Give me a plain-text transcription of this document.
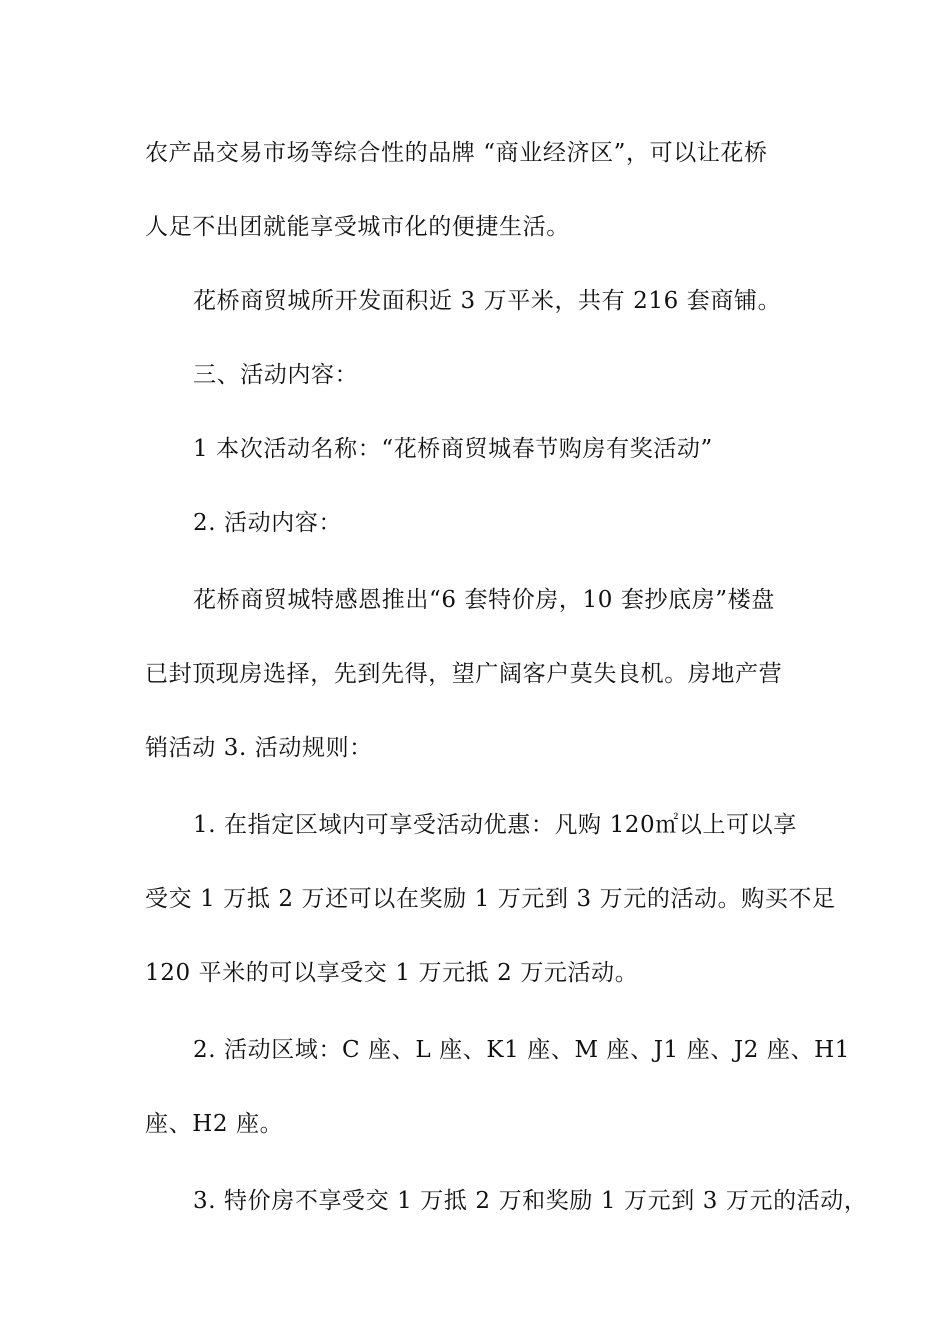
农产品交易市场等综合性的品牌 “商业经济区”，可以让花桥
人足不出团就能享受城市化的便捷生活。
花桥商贸城所开发面积近 3 万平米，共有 216 套商铺。
三、活动内容：
1 本次活动名称：“花桥商贸城春节购房有奖活动”
2. 活动内容：
花桥商贸城特感恩推出“6 套特价房，10 套抄底房”楼盘
已封顶现房选择，先到先得，望广阔客户莫失良机。房地产营
销活动 3. 活动规则：
1. 在指定区域内可享受活动优惠：凡购 120㎡以上可以享
受交 1 万抵 2 万还可以在奖励 1 万元到 3 万元的活动。购买不足
120 平米的可以享受交 1 万元抵 2 万元活动。
2. 活动区域：C 座、L 座、K1 座、M 座、J1 座、J2 座、H1
座、H2 座。
3. 特价房不享受交 1 万抵 2 万和奖励 1 万元到 3 万元的活动，
